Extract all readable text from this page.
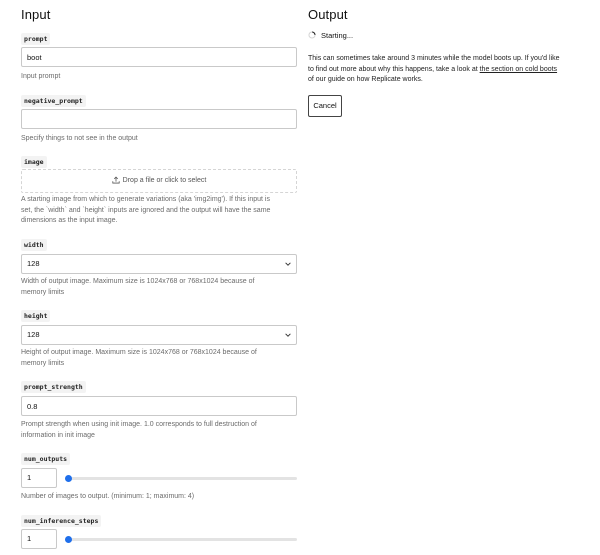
Input
prompt
boot
Input prompt
negative_prompt
Specify things to not see in the output
image
Drop a file or click to select
A starting image from which to generate variations (aka 'img2img'). If this input is
set, the `width` and `height` inputs are ignored and the output will have the same
dimensions as the input image.
width
128
Width of output image. Maximum size is 1024x768 or 768x1024 because of
memory limits
height
128
Height of output image. Maximum size is 1024x768 or 768x1024 because of
memory limits
prompt_strength
0.8
Prompt strength when using init image. 1.0 corresponds to full destruction of
information in init image
num_outputs
1
Number of images to output. (minimum: 1; maximum: 4)
num_inference_steps
1
Output
Starting...
This can sometimes take around 3 minutes while the model boots up. If you'd like
to find out more about why this happens, take a look at the section on cold boots
of our guide on how Replicate works.
Cancel
